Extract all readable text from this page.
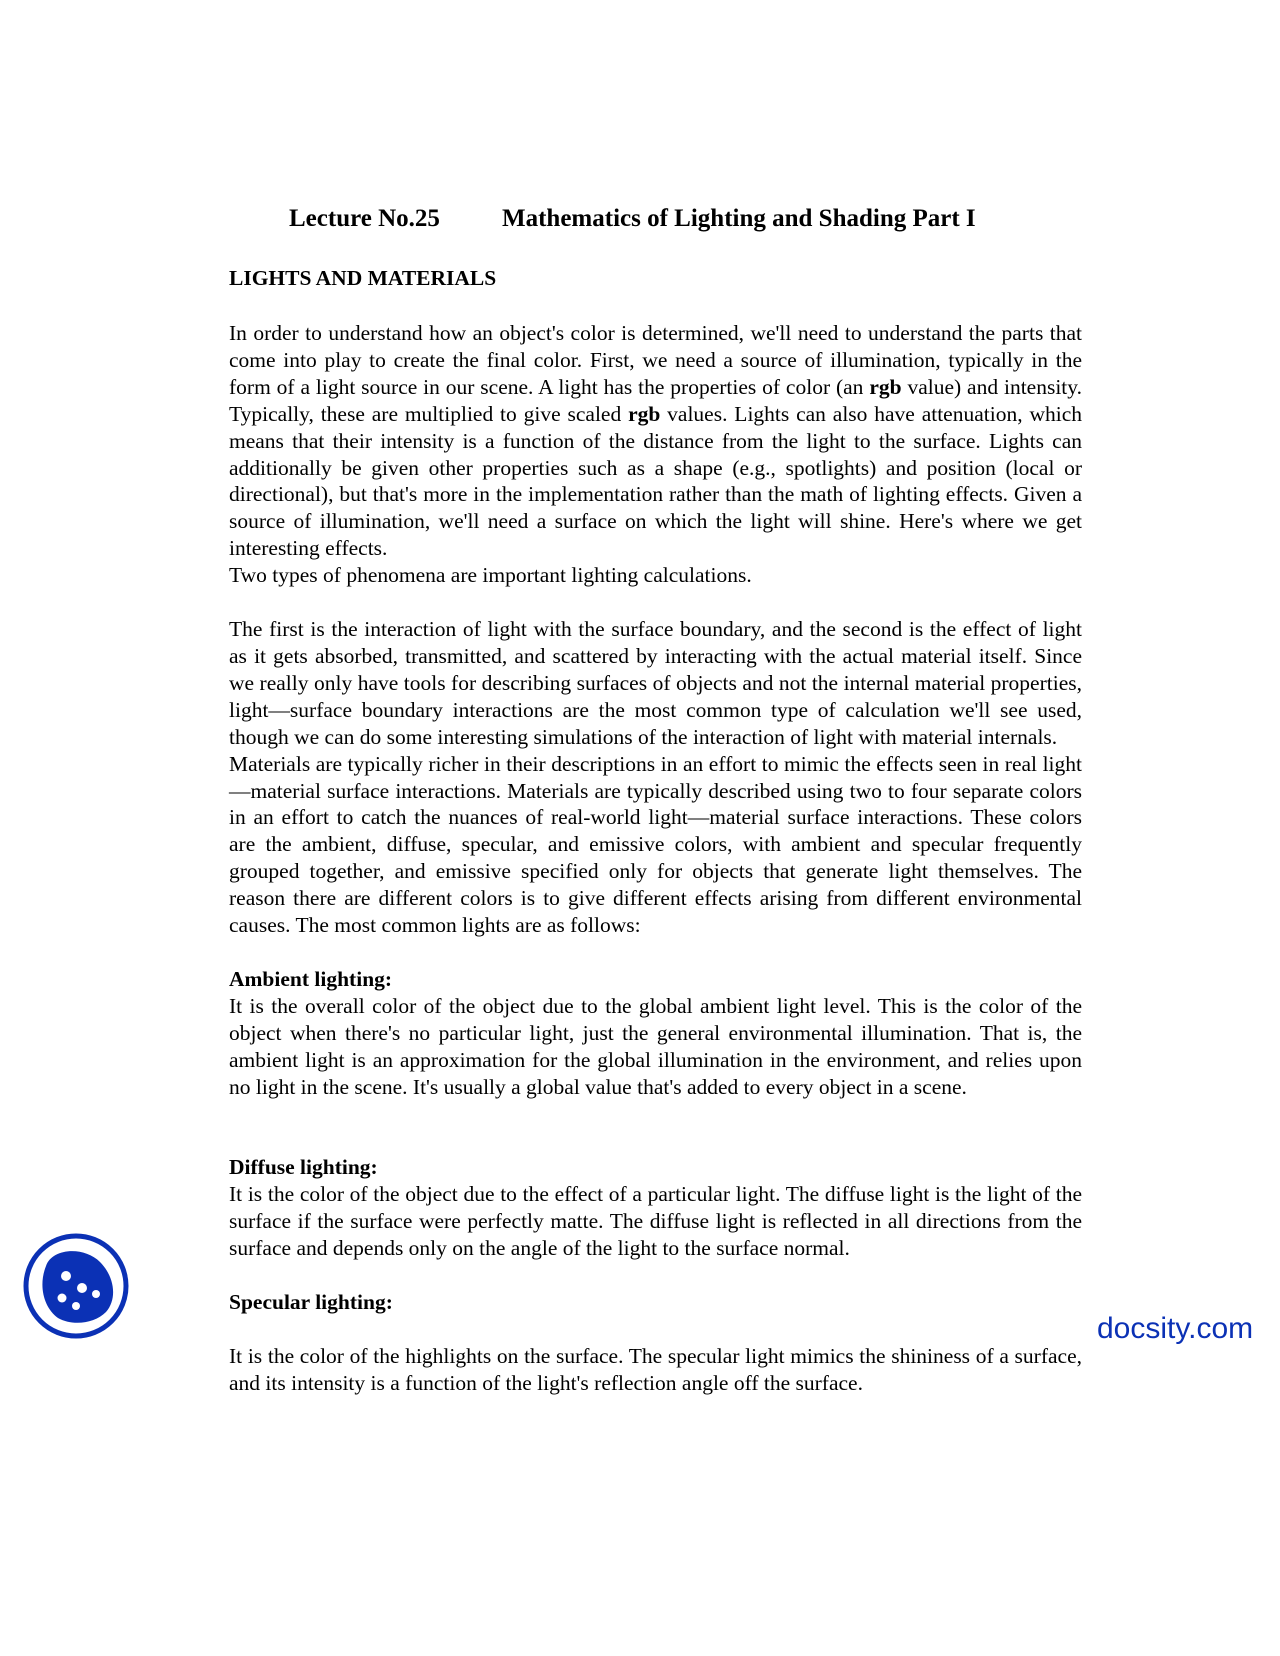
Lecture No.25 Mathematics of Lighting and Shading Part I
LIGHTS AND MATERIALS

In order to understand how an object's color is determined, we'll need to understand the parts that come into play to create the final color. First, we need a source of illumination, typically in the form of a light source in our scene. A light has the properties of color (an rgb value) and intensity. Typically, these are multiplied to give scaled rgb values. Lights can also have attenuation, which means that their intensity is a function of the distance from the light to the surface. Lights can additionally be given other properties such as a shape (e.g., spotlights) and position (local or directional), but that's more in the implementation rather than the math of lighting effects. Given a source of illumination, we'll need a surface on which the light will shine. Here's where we get interesting effects.

Two types of phenomena are important lighting calculations.

The first is the interaction of light with the surface boundary, and the second is the effect of light as it gets absorbed, transmitted, and scattered by interacting with the actual material itself. Since we really only have tools for describing surfaces of objects and not the internal material properties, light—surface boundary interactions are the most common type of calculation we'll see used, though we can do some interesting simulations of the interaction of light with material internals.

Materials are typically richer in their descriptions in an effort to mimic the effects seen in real light—material surface interactions. Materials are typically described using two to four separate colors in an effort to catch the nuances of real-world light—material surface interactions. These colors are the ambient, diffuse, specular, and emissive colors, with ambient and specular frequently grouped together, and emissive specified only for objects that generate light themselves. The reason there are different colors is to give different effects arising from different environmental causes. The most common lights are as follows:

Ambient lighting:

It is the overall color of the object due to the global ambient light level. This is the color of the object when there's no particular light, just the general environmental illumination. That is, the ambient light is an approximation for the global illumination in the environment, and relies upon no light in the scene. It's usually a global value that's added to every object in a scene.

Diffuse lighting:

It is the color of the object due to the effect of a particular light. The diffuse light is the light of the surface if the surface were perfectly matte. The diffuse light is reflected in all directions from the surface and depends only on the angle of the light to the surface normal.

Specular lighting:

It is the color of the highlights on the surface. The specular light mimics the shininess of a surface, and its intensity is a function of the light's reflection angle off the surface.

docsity.com
